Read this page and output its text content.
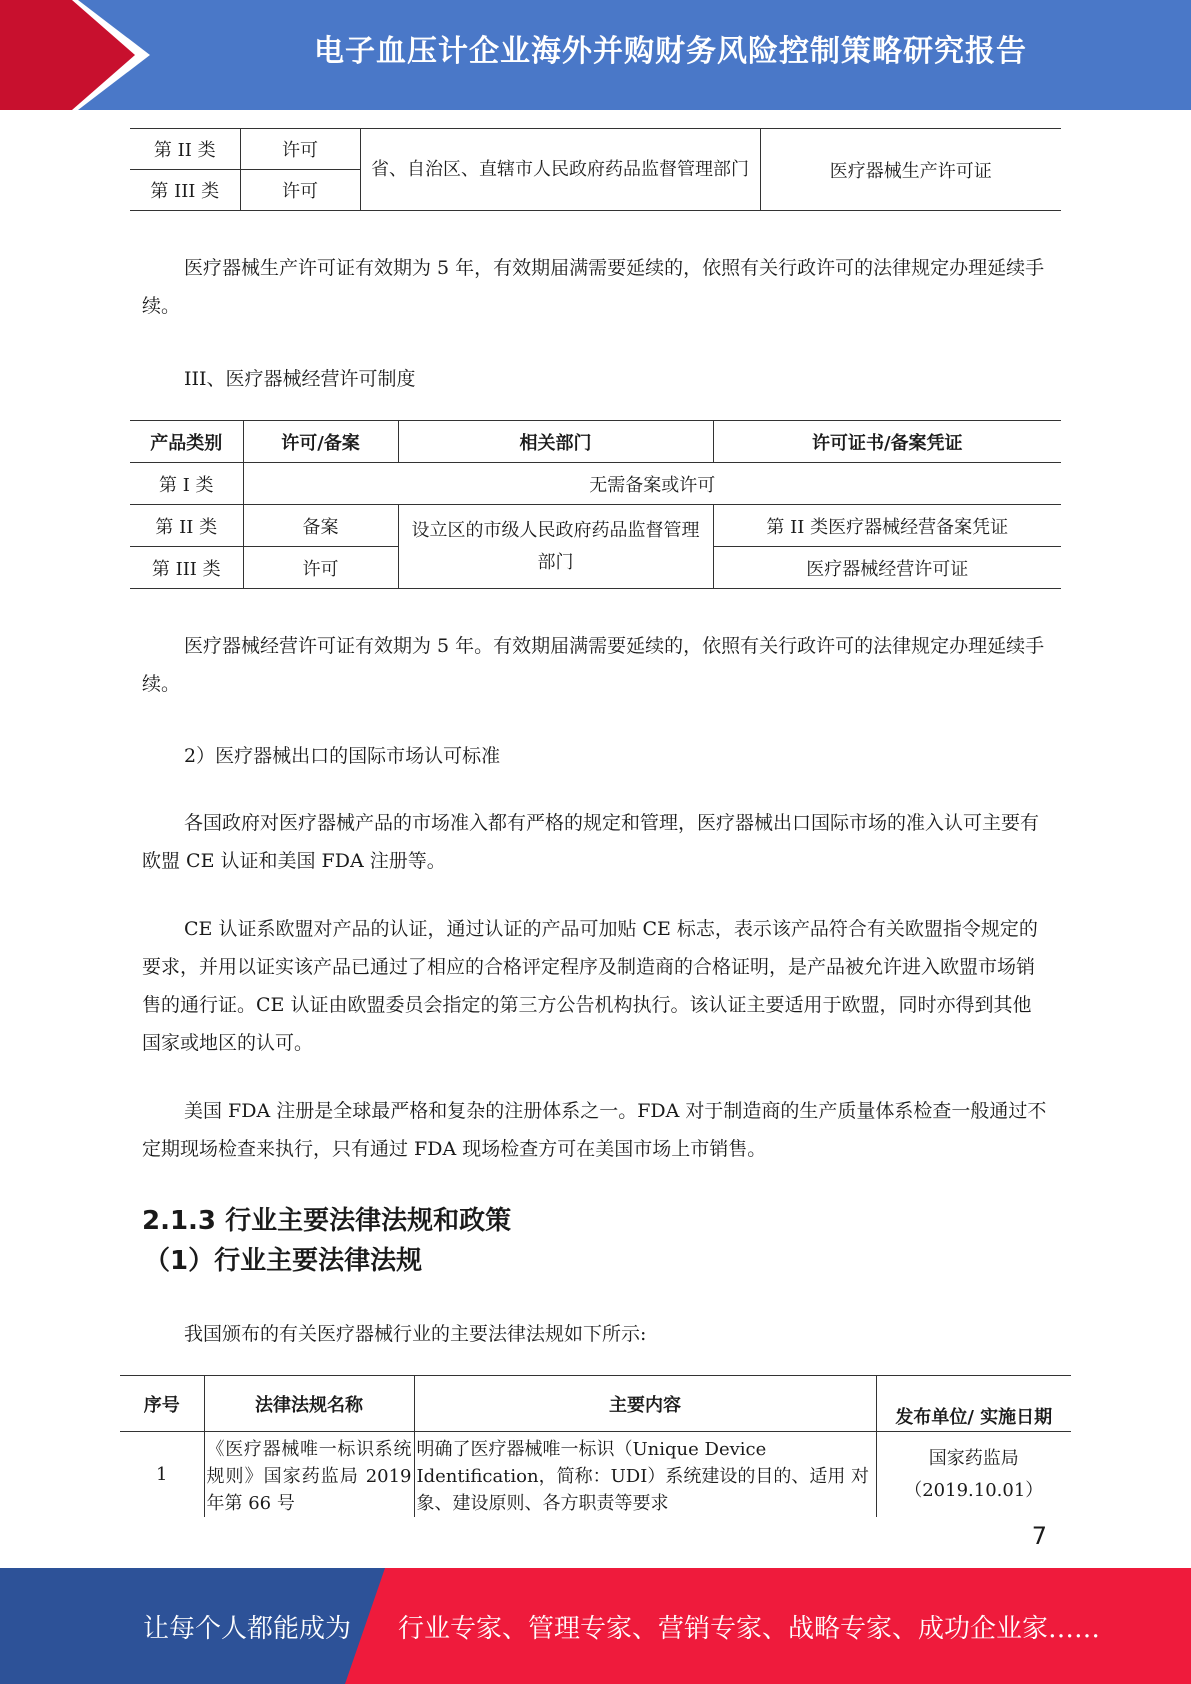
电子血压计企业海外并购财务风险控制策略研究报告
第 II 类	许可	省、自治区、直辖市人民政府药品监督管理部门	医疗器械生产许可证
第 III 类	许可		
医疗器械生产许可证有效期为 5 年，有效期届满需要延续的，依照有关行政许可的法律规定办理延续手续。
III、医疗器械经营许可制度
产品类别	许可/备案	相关部门	许可证书/备案凭证
第 I 类	无需备案或许可		
第 II 类	备案	设立区的市级人民政府药品监督管理部门	第 II 类医疗器械经营备案凭证
第 III 类	许可		医疗器械经营许可证
医疗器械经营许可证有效期为 5 年。有效期届满需要延续的，依照有关行政许可的法律规定办理延续手续。
2）医疗器械出口的国际市场认可标准
各国政府对医疗器械产品的市场准入都有严格的规定和管理，医疗器械出口国际市场的准入认可主要有欧盟 CE 认证和美国 FDA 注册等。
CE 认证系欧盟对产品的认证，通过认证的产品可加贴 CE 标志，表示该产品符合有关欧盟指令规定的要求，并用以证实该产品已通过了相应的合格评定程序及制造商的合格证明，是产品被允许进入欧盟市场销售的通行证。CE 认证由欧盟委员会指定的第三方公告机构执行。该认证主要适用于欧盟，同时亦得到其他国家或地区的认可。
美国 FDA 注册是全球最严格和复杂的注册体系之一。FDA 对于制造商的生产质量体系检查一般通过不定期现场检查来执行，只有通过 FDA 现场检查方可在美国市场上市销售。
2.1.3 行业主要法律法规和政策
（1）行业主要法律法规
我国颁布的有关医疗器械行业的主要法律法规如下所示:
序号	法律法规名称	主要内容	发布单位/ 实施日期
1	《医疗器械唯一标识系统规则》国家药监局 2019 年第 66 号	明确了医疗器械唯一标识（Unique Device Identification，简称：UDI）系统建设的目的、适用 对象、建设原则、各方职责等要求	国家药监局
（2019.10.01）
7
让每个人都能成为 行业专家、管理专家、营销专家、战略专家、成功企业家……
